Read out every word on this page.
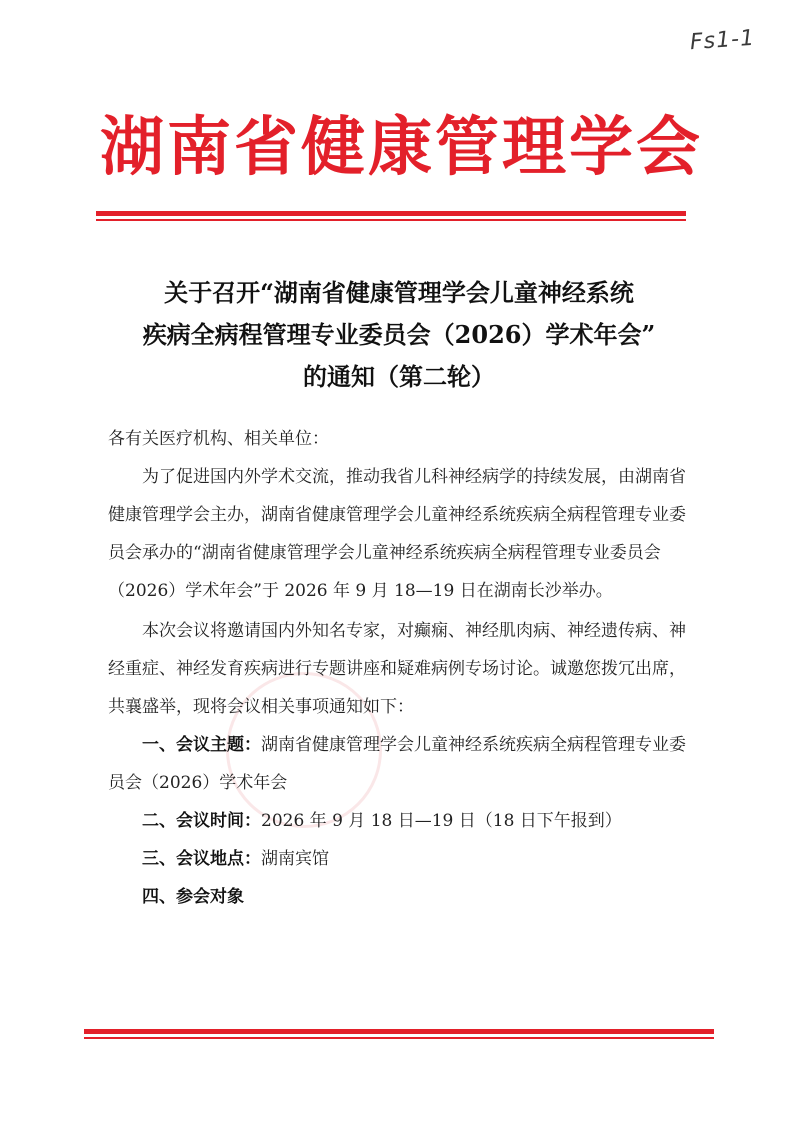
Fs1-1
湖南省健康管理学会
关于召开“湖南省健康管理学会儿童神经系统
疾病全病程管理专业委员会（2026）学术年会”
的通知（第二轮）

各有关医疗机构、相关单位：

为了促进国内外学术交流，推动我省儿科神经病学的持续发展，由湖南省健康管理学会主办，湖南省健康管理学会儿童神经系统疾病全病程管理专业委员会承办的“湖南省健康管理学会儿童神经系统疾病全病程管理专业委员会（2026）学术年会”于 2026 年 9 月 18—19 日在湖南长沙举办。

本次会议将邀请国内外知名专家，对癫痫、神经肌肉病、神经遗传病、神经重症、神经发育疾病进行专题讲座和疑难病例专场讨论。诚邀您拨冗出席，共襄盛举，现将会议相关事项通知如下：

一、会议主题：湖南省健康管理学会儿童神经系统疾病全病程管理专业委员会（2026）学术年会

二、会议时间：2026 年 9 月 18 日—19 日（18 日下午报到）

三、会议地点：湖南宾馆

四、参会对象
